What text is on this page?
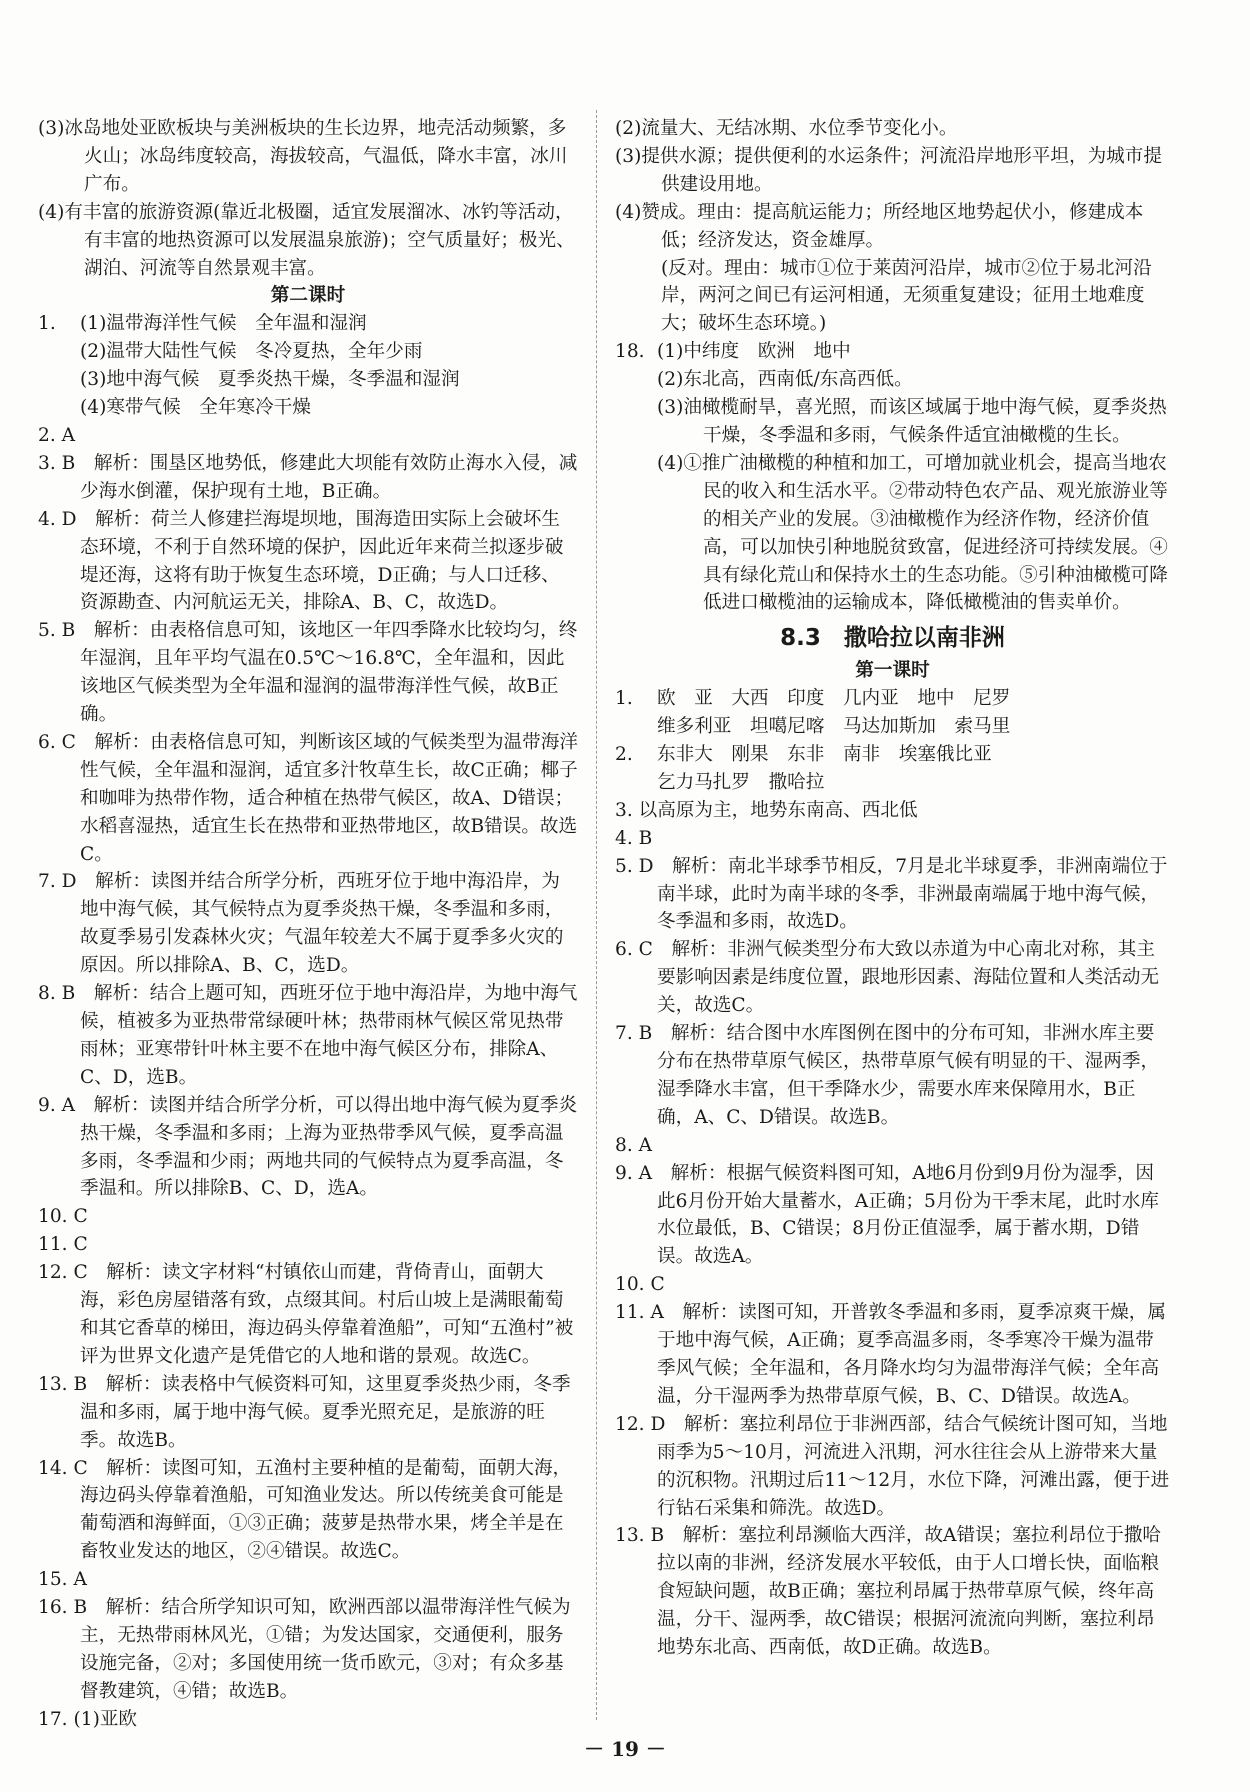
(3)冰岛地处亚欧板块与美洲板块的生长边界，地壳活动频繁，多火山；冰岛纬度较高，海拔较高，气温低，降水丰富，冰川广布。
(4)有丰富的旅游资源(靠近北极圈，适宜发展溜冰、冰钓等活动，有丰富的地热资源可以发展温泉旅游)；空气质量好；极光、湖泊、河流等自然景观丰富。
第二课时
1.	(1)温带海洋性气候　全年温和湿润
(2)温带大陆性气候　冬冷夏热，全年少雨
(3)地中海气候　夏季炎热干燥，冬季温和湿润
(4)寒带气候　全年寒冷干燥
2. A
3. B　解析：围垦区地势低，修建此大坝能有效防止海水入侵，减少海水倒灌，保护现有土地，B正确。
4. D　解析：荷兰人修建拦海堤坝地，围海造田实际上会破坏生态环境，不利于自然环境的保护，因此近年来荷兰拟逐步破堤还海，这将有助于恢复生态环境，D正确；与人口迁移、资源勘查、内河航运无关，排除A、B、C，故选D。
5. B　解析：由表格信息可知，该地区一年四季降水比较均匀，终年湿润，且年平均气温在0.5℃～16.8℃，全年温和，因此该地区气候类型为全年温和湿润的温带海洋性气候，故B正确。
6. C　解析：由表格信息可知，判断该区域的气候类型为温带海洋性气候，全年温和湿润，适宜多汁牧草生长，故C正确；椰子和咖啡为热带作物，适合种植在热带气候区，故A、D错误；水稻喜湿热，适宜生长在热带和亚热带地区，故B错误。故选C。
7. D　解析：读图并结合所学分析，西班牙位于地中海沿岸，为地中海气候，其气候特点为夏季炎热干燥，冬季温和多雨，故夏季易引发森林火灾；气温年较差大不属于夏季多火灾的原因。所以排除A、B、C，选D。
8. B　解析：结合上题可知，西班牙位于地中海沿岸，为地中海气候，植被多为亚热带常绿硬叶林；热带雨林气候区常见热带雨林；亚寒带针叶林主要不在地中海气候区分布，排除A、C、D，选B。
9. A　解析：读图并结合所学分析，可以得出地中海气候为夏季炎热干燥，冬季温和多雨；上海为亚热带季风气候，夏季高温多雨，冬季温和少雨；两地共同的气候特点为夏季高温，冬季温和。所以排除B、C、D，选A。
10. C
11. C
12. C　解析：读文字材料“村镇依山而建，背倚青山，面朝大海，彩色房屋错落有致，点缀其间。村后山坡上是满眼葡萄和其它香草的梯田，海边码头停靠着渔船”，可知“五渔村”被评为世界文化遗产是凭借它的人地和谐的景观。故选C。
13. B　解析：读表格中气候资料可知，这里夏季炎热少雨，冬季温和多雨，属于地中海气候。夏季光照充足，是旅游的旺季。故选B。
14. C　解析：读图可知，五渔村主要种植的是葡萄，面朝大海，海边码头停靠着渔船，可知渔业发达。所以传统美食可能是葡萄酒和海鲜面，①③正确；菠萝是热带水果，烤全羊是在畜牧业发达的地区，②④错误。故选C。
15. A
16. B　解析：结合所学知识可知，欧洲西部以温带海洋性气候为主，无热带雨林风光，①错；为发达国家，交通便利，服务设施完备，②对；多国使用统一货币欧元，③对；有众多基督教建筑，④错；故选B。
17. (1)亚欧
(2)流量大、无结冰期、水位季节变化小。
(3)提供水源；提供便利的水运条件；河流沿岸地形平坦，为城市提供建设用地。
(4)赞成。理由：提高航运能力；所经地区地势起伏小，修建成本低；经济发达，资金雄厚。
(反对。理由：城市①位于莱茵河沿岸，城市②位于易北河沿岸，两河之间已有运河相通，无须重复建设；征用土地难度大；破坏生态环境。)
18. (1)中纬度　欧洲　地中
(2)东北高，西南低/东高西低。
(3)油橄榄耐旱，喜光照，而该区域属于地中海气候，夏季炎热干燥，冬季温和多雨，气候条件适宜油橄榄的生长。
(4)①推广油橄榄的种植和加工，可增加就业机会，提高当地农民的收入和生活水平。②带动特色农产品、观光旅游业等的相关产业的发展。③油橄榄作为经济作物，经济价值高，可以加快引种地脱贫致富，促进经济可持续发展。④具有绿化荒山和保持水土的生态功能。⑤引种油橄榄可降低进口橄榄油的运输成本，降低橄榄油的售卖单价。
8.3　撒哈拉以南非洲
第一课时
1.	欧　亚　大西　印度　几内亚　地中　尼罗
维多利亚　坦噶尼喀　马达加斯加　索马里
2.	东非大　刚果　东非　南非　埃塞俄比亚
乞力马扎罗　撒哈拉
3. 以高原为主，地势东南高、西北低
4. B
5. D　解析：南北半球季节相反，7月是北半球夏季，非洲南端位于南半球，此时为南半球的冬季，非洲最南端属于地中海气候，冬季温和多雨，故选D。
6. C　解析：非洲气候类型分布大致以赤道为中心南北对称，其主要影响因素是纬度位置，跟地形因素、海陆位置和人类活动无关，故选C。
7. B　解析：结合图中水库图例在图中的分布可知，非洲水库主要分布在热带草原气候区，热带草原气候有明显的干、湿两季，湿季降水丰富，但干季降水少，需要水库来保障用水，B正确，A、C、D错误。故选B。
8. A
9. A　解析：根据气候资料图可知，A地6月份到9月份为湿季，因此6月份开始大量蓄水，A正确；5月份为干季末尾，此时水库水位最低，B、C错误；8月份正值湿季，属于蓄水期，D错误。故选A。
10. C
11. A　解析：读图可知，开普敦冬季温和多雨，夏季凉爽干燥，属于地中海气候，A正确；夏季高温多雨，冬季寒冷干燥为温带季风气候；全年温和，各月降水均匀为温带海洋气候；全年高温，分干湿两季为热带草原气候，B、C、D错误。故选A。
12. D　解析：塞拉利昂位于非洲西部，结合气候统计图可知，当地雨季为5～10月，河流进入汛期，河水往往会从上游带来大量的沉积物。汛期过后11～12月，水位下降，河滩出露，便于进行钻石采集和筛洗。故选D。
13. B　解析：塞拉利昂濒临大西洋，故A错误；塞拉利昂位于撒哈拉以南的非洲，经济发展水平较低，由于人口增长快，面临粮食短缺问题，故B正确；塞拉利昂属于热带草原气候，终年高温，分干、湿两季，故C错误；根据河流流向判断，塞拉利昂地势东北高、西南低，故D正确。故选B。
－ 19 －
